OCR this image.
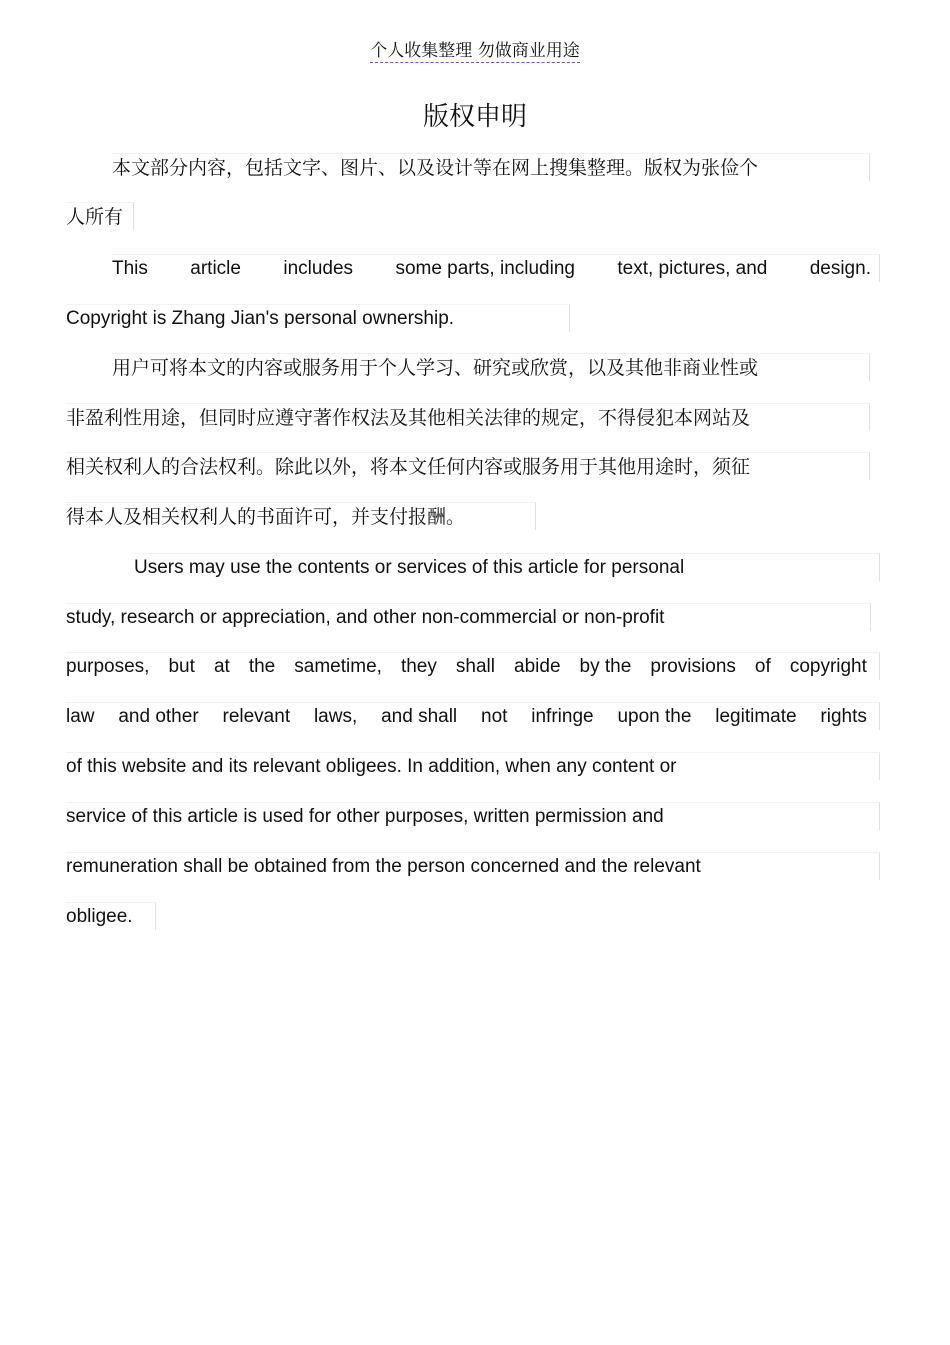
个人收集整理 勿做商业用途
版权申明
本文部分内容，包括文字、图片、以及设计等在网上搜集整理。版权为张俭个
人所有
This article includes some parts, including text, pictures, and design.
Copyright is Zhang Jian's personal ownership.
用户可将本文的内容或服务用于个人学习、研究或欣赏，以及其他非商业性或
非盈利性用途，但同时应遵守著作权法及其他相关法律的规定，不得侵犯本网站及
相关权利人的合法权利。除此以外，将本文任何内容或服务用于其他用途时，须征
得本人及相关权利人的书面许可，并支付报酬。
Users may use the contents or services of this article for personal
study, research or appreciation, and other non-commercial or non-profit
purposes, but at the sametime, they shall abide by the provisions of copyright
law and other relevant laws, and shall not infringe upon the legitimate rights
of this website and its relevant obligees. In addition, when any content or
service of this article is used for other purposes, written permission and
remuneration shall be obtained from the person concerned and the relevant
obligee.
